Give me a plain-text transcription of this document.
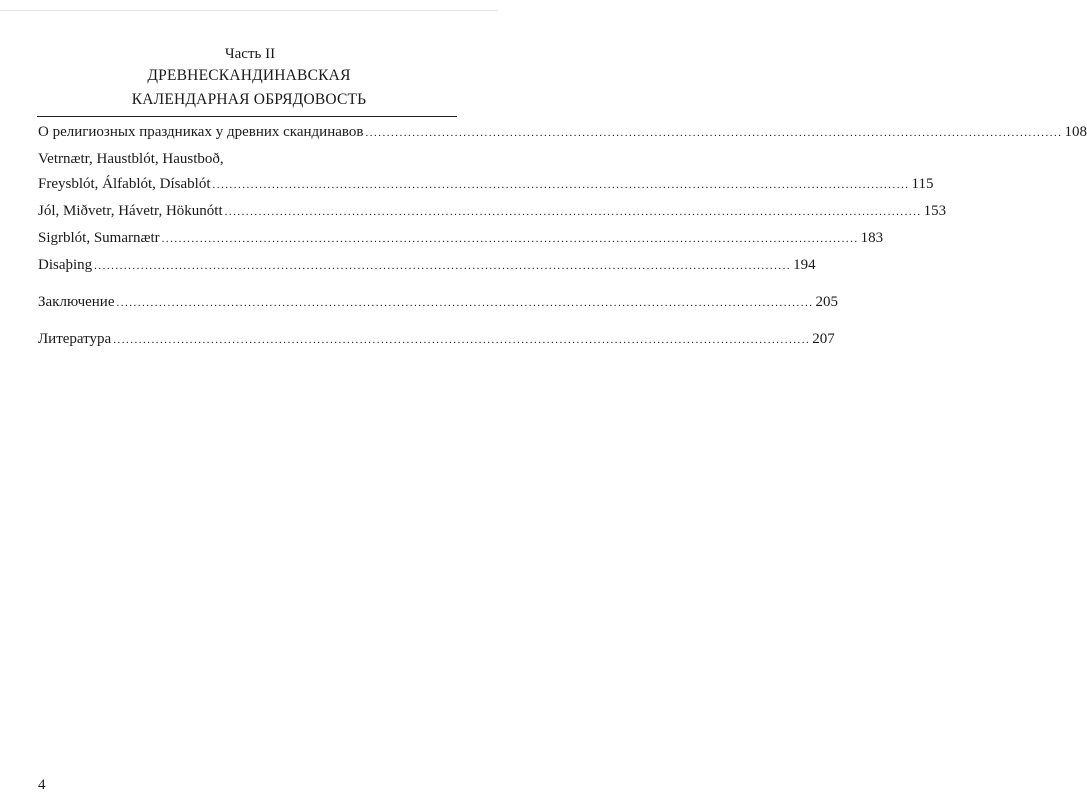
Часть II
ДРЕВНЕСКАНДИНАВСКАЯ
КАЛЕНДАРНАЯ ОБРЯДОВОСТЬ
О религиозных праздниках у древних скандинавов .................................................................................................................................................................... 108
Vetrnætr, Haustblót, Haustboð,
Freysblót, Álfablót, Dísablót .................................................................................................................................................................... 115
Jól, Miðvetr, Hávetr, Hökunótt .................................................................................................................................................................... 153
Sigrblót, Sumarnætr .................................................................................................................................................................... 183
Disaþing .................................................................................................................................................................... 194
Заключение .................................................................................................................................................................... 205
Литература .................................................................................................................................................................... 207
4
